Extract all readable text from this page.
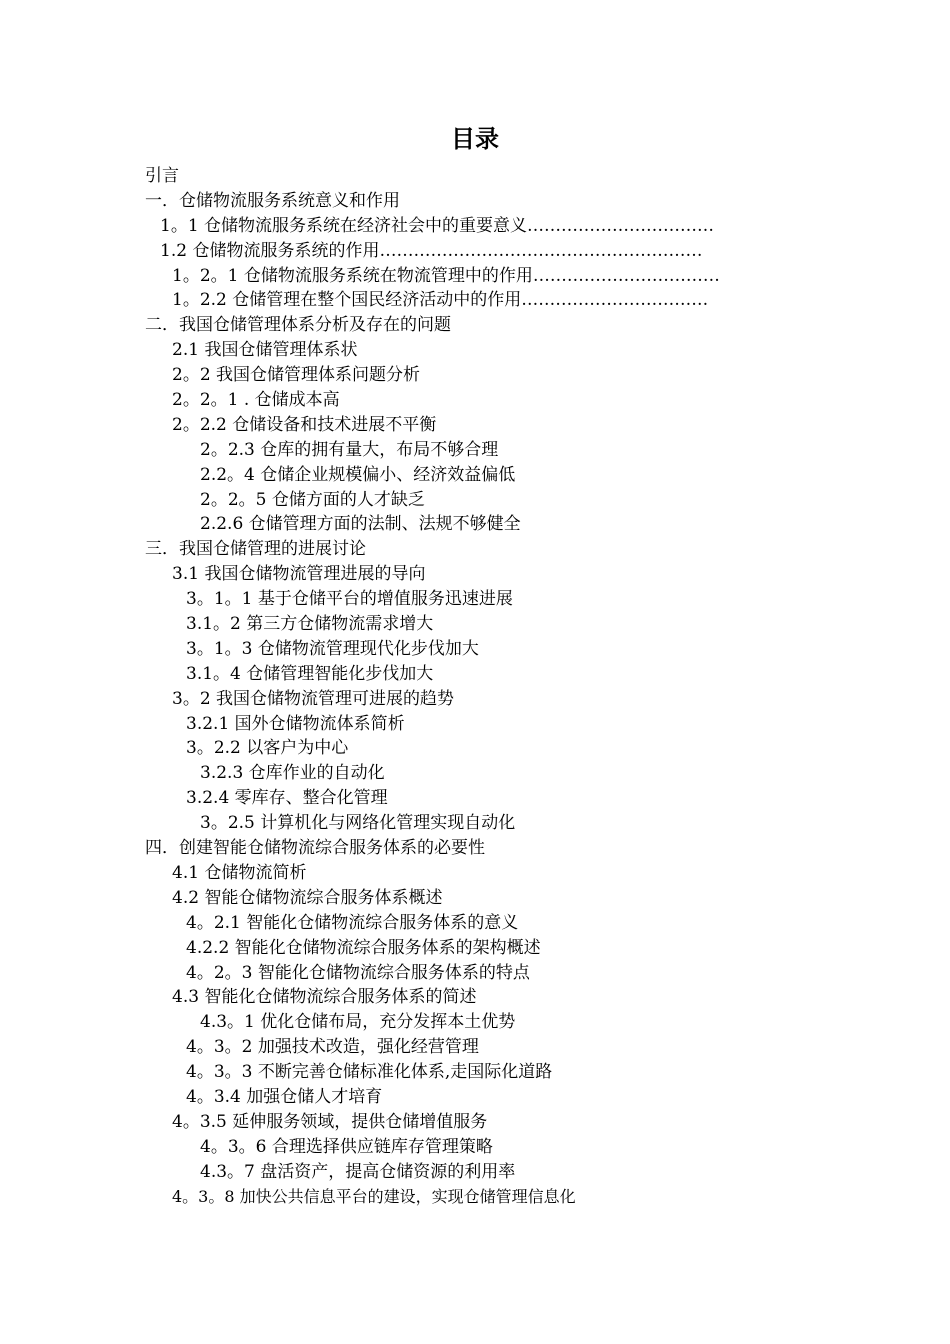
目录
引言
一．仓储物流服务系统意义和作用
1。1 仓储物流服务系统在经济社会中的重要意义……………………………
1.2 仓储物流服务系统的作用…………………………………………………
1。2。1 仓储物流服务系统在物流管理中的作用……………………………
1。2.2 仓储管理在整个国民经济活动中的作用……………………………
二．我国仓储管理体系分析及存在的问题
2.1 我国仓储管理体系状
2。2 我国仓储管理体系问题分析
2。2。1 . 仓储成本高
2。2.2 仓储设备和技术进展不平衡
2。2.3 仓库的拥有量大，布局不够合理
2.2。4 仓储企业规模偏小、经济效益偏低
2。2。5 仓储方面的人才缺乏
2.2.6 仓储管理方面的法制、法规不够健全
三．我国仓储管理的进展讨论
3.1 我国仓储物流管理进展的导向
3。1。1 基于仓储平台的增值服务迅速进展
3.1。2 第三方仓储物流需求增大
3。1。3 仓储物流管理现代化步伐加大
3.1。4 仓储管理智能化步伐加大
3。2 我国仓储物流管理可进展的趋势
3.2.1 国外仓储物流体系简析
3。2.2 以客户为中心
3.2.3 仓库作业的自动化
3.2.4 零库存、整合化管理
3。2.5 计算机化与网络化管理实现自动化
四．创建智能仓储物流综合服务体系的必要性
4.1 仓储物流简析
4.2 智能仓储物流综合服务体系概述
4。2.1 智能化仓储物流综合服务体系的意义
4.2.2 智能化仓储物流综合服务体系的架构概述
4。2。3 智能化仓储物流综合服务体系的特点
4.3 智能化仓储物流综合服务体系的简述
4.3。1 优化仓储布局，充分发挥本土优势
4。3。2 加强技术改造，强化经营管理
4。3。3 不断完善仓储标准化体系,走国际化道路
4。3.4 加强仓储人才培育
4。3.5 延伸服务领域，提供仓储增值服务
4。3。6 合理选择供应链库存管理策略
4.3。7 盘活资产，提高仓储资源的利用率
4。3。8 加快公共信息平台的建设，实现仓储管理信息化
